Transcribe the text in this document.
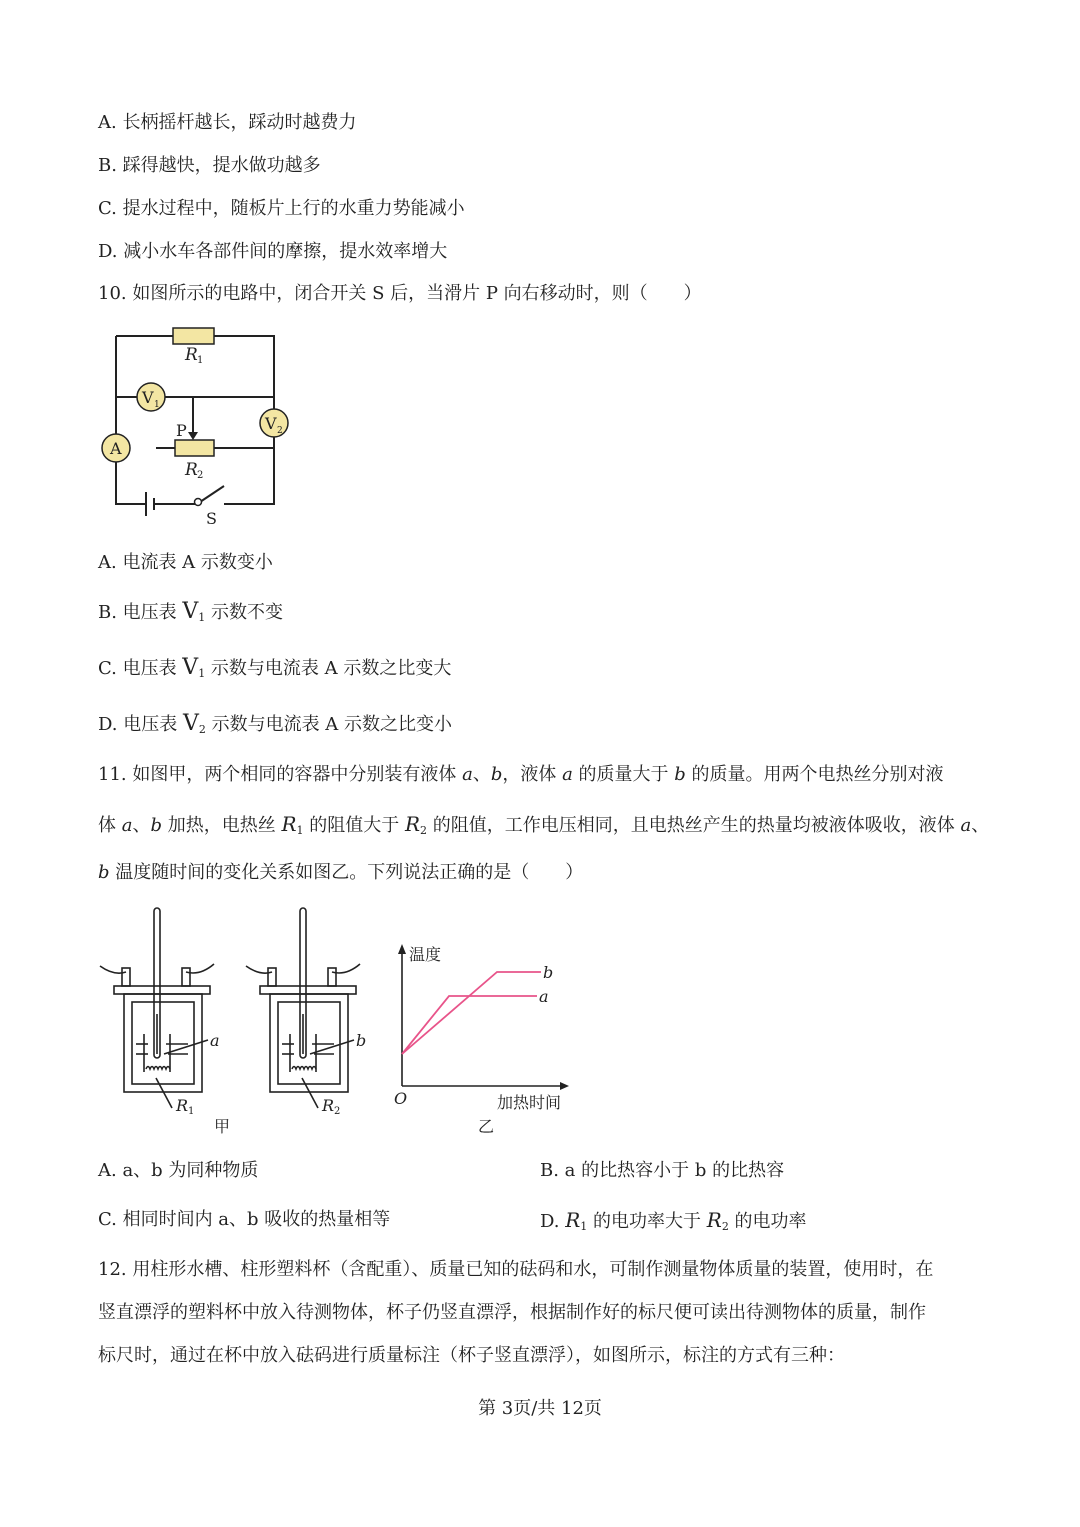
A. 长柄摇杆越长，踩动时越费力
B. 踩得越快，提水做功越多
C. 提水过程中，随板片上行的水重力势能减小
D. 减小水车各部件间的摩擦，提水效率增大
10. 如图所示的电路中，闭合开关 S 后，当滑片 P 向右移动时，则（　　）
R 1
R 2
V 1
V 2
A
P
S
A. 电流表 A 示数变小
B. 电压表 $V_1$ 示数不变
C. 电压表 $V_1$ 示数与电流表 A 示数之比变大
D. 电压表 $V_2$ 示数与电流表 A 示数之比变小
11. 如图甲，两个相同的容器中分别装有液体 a、b，液体 a 的质量大于 b 的质量。用两个电热丝分别对液
体 a、b 加热，电热丝 $R_1$ 的阻值大于 $R_2$ 的阻值，工作电压相同，且电热丝产生的热量均被液体吸收，液体 a、
b 温度随时间的变化关系如图乙。下列说法正确的是（　　）
a	b
R 1	R 2
甲
温度
加热时间
O
b
a
乙
A. a、b 为同种物质	B. a 的比热容小于 b 的比热容
C. 相同时间内 a、b 吸收的热量相等	D. $R_1$ 的电功率大于 $R_2$ 的电功率
12. 用柱形水槽、柱形塑料杯（含配重）、质量已知的砝码和水，可制作测量物体质量的装置，使用时，在
竖直漂浮的塑料杯中放入待测物体，杯子仍竖直漂浮，根据制作好的标尺便可读出待测物体的质量，制作
标尺时，通过在杯中放入砝码进行质量标注（杯子竖直漂浮），如图所示，标注的方式有三种：
第 3页/共 12页
